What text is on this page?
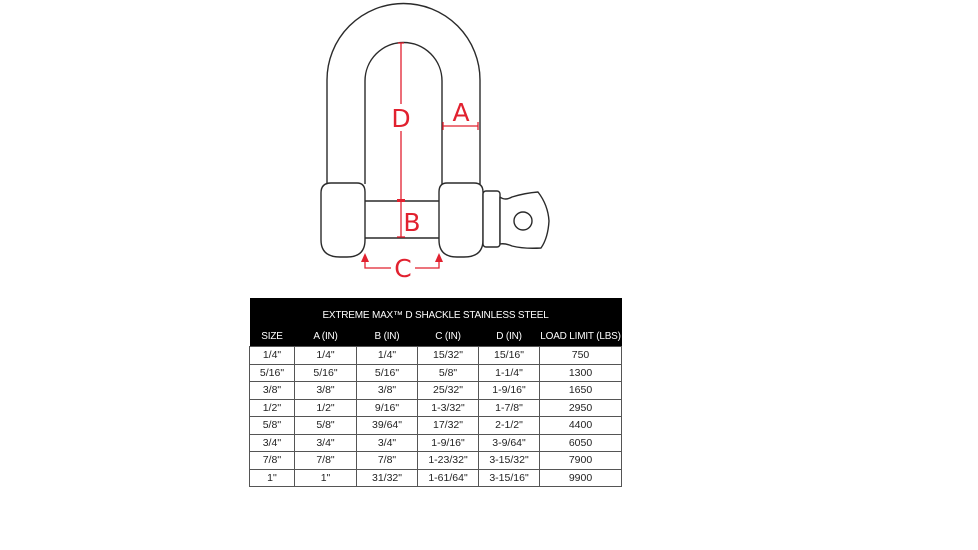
D A
B
C
EXTREME MAX™ D SHACKLE STAINLESS STEEL					
SIZE	A (IN)	B (IN)	C (IN)	D (IN)	LOAD LIMIT (LBS)
1/4"	1/4"	1/4"	15/32"	15/16"	750
5/16"	5/16"	5/16"	5/8"	1-1/4"	1300
3/8"	3/8"	3/8"	25/32"	1-9/16"	1650
1/2''	1/2"	9/16"	1-3/32"	1-7/8"	2950
5/8''	5/8"	39/64"	17/32"	2-1/2"	4400
3/4''	3/4"	3/4"	1-9/16"	3-9/64"	6050
7/8''	7/8"	7/8"	1-23/32"	3-15/32"	7900
1''	1"	31/32"	1-61/64"	3-15/16"	9900
